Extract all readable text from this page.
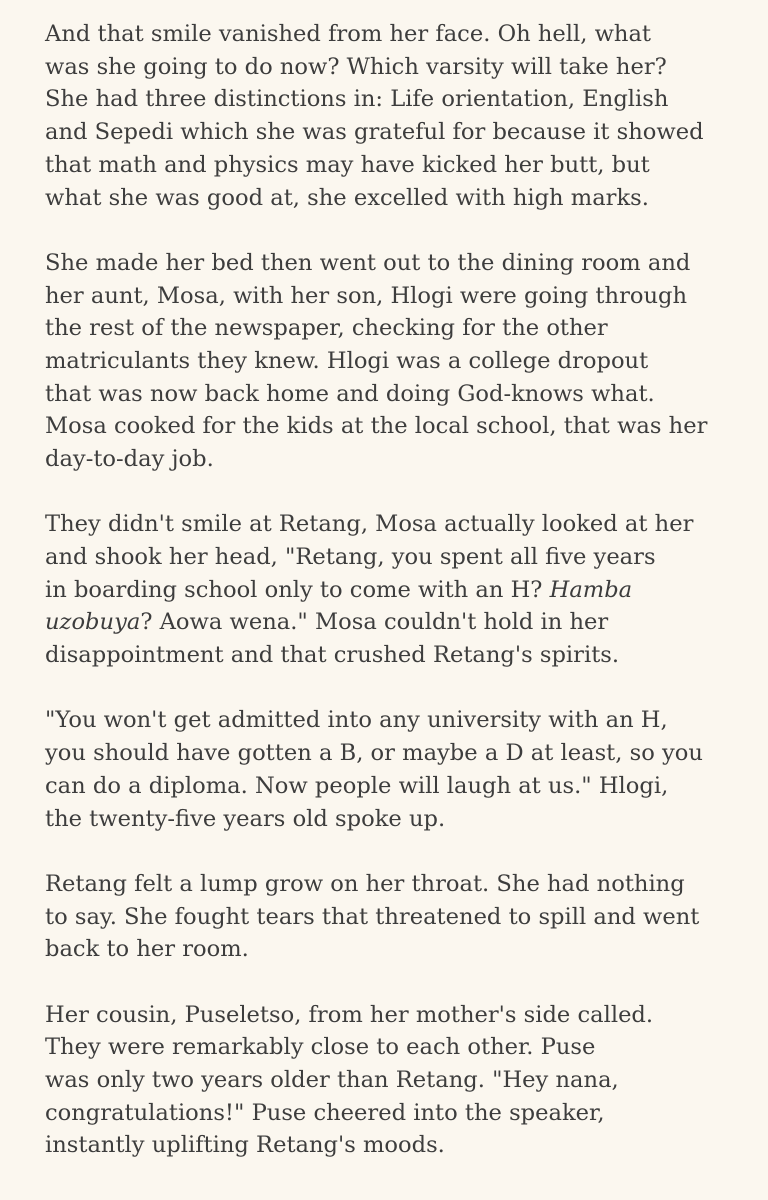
And that smile vanished from her face. Oh hell, what
was she going to do now? Which varsity will take her?
She had three distinctions in: Life orientation, English
and Sepedi which she was grateful for because it showed
that math and physics may have kicked her butt, but
what she was good at, she excelled with high marks.

She made her bed then went out to the dining room and
her aunt, Mosa, with her son, Hlogi were going through
the rest of the newspaper, checking for the other
matriculants they knew. Hlogi was a college dropout
that was now back home and doing God-knows what.
Mosa cooked for the kids at the local school, that was her
day-to-day job.

They didn't smile at Retang, Mosa actually looked at her
and shook her head, "Retang, you spent all five years
in boarding school only to come with an H? Hamba
uzobuya? Aowa wena." Mosa couldn't hold in her
disappointment and that crushed Retang's spirits.

"You won't get admitted into any university with an H,
you should have gotten a B, or maybe a D at least, so you
can do a diploma. Now people will laugh at us." Hlogi,
the twenty-five years old spoke up.

Retang felt a lump grow on her throat. She had nothing
to say. She fought tears that threatened to spill and went
back to her room.

Her cousin, Puseletso, from her mother's side called.
They were remarkably close to each other. Puse
was only two years older than Retang. "Hey nana,
congratulations!" Puse cheered into the speaker,
instantly uplifting Retang's moods.
